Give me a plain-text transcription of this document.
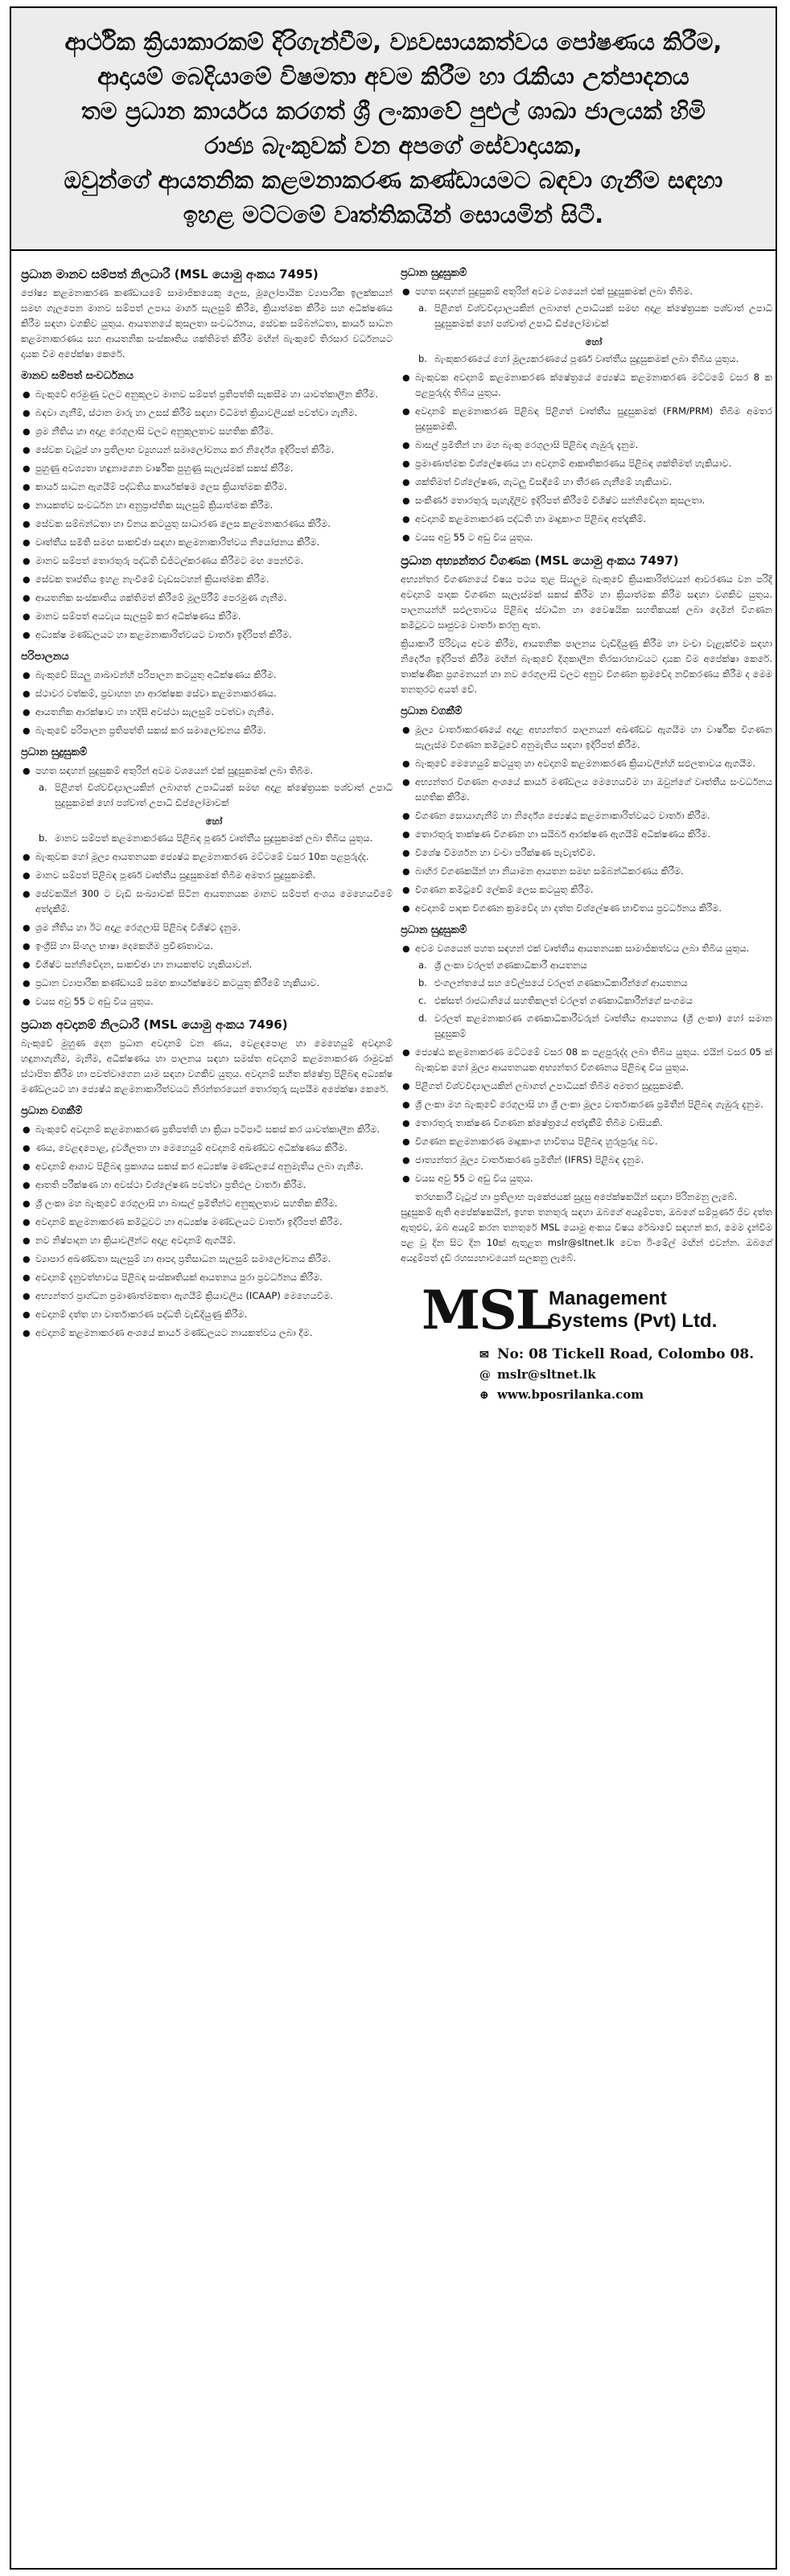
ආර්ථික ක්‍රියාකාරකම් දිරිගැන්වීම, ව්‍යවසායකත්වය පෝෂණය කිරීම,
ආදායම් බෙදියාමේ විෂමතා අවම කිරීම හා රැකියා උත්පාදනය
තම ප්‍රධාන කාර්යය කරගත් ශ්‍රී ලංකාවේ පුළුල් ශාඛා ජාලයක් හිමි
රාජ්‍ය බැංකුවක් වන අපගේ සේවාදායක,
ඔවුන්ගේ ආයතනික කළමනාකරණ කණ්ඩායමට බඳවා ගැනීම සඳහා
ඉහළ මට්ටමේ වෘත්තිකයින් සොයමින් සිටී.
ප්‍රධාන මානව සම්පත් නිලධාරී (MSL යොමු අංකය 7495)

ජෝෂ්‍ය කළමනාකරණ කණ්ඩායමේ සාමාජිකයෙකු ලෙස, මූලෝපායික ව්‍යාපාරික ඉලක්කයන් සමඟ ගැලපෙන මානව සම්පත් උපාය මාර්ග සැලසුම් කිරීම, ක්‍රියාත්මක කිරීම සහ අධීක්ෂණය කිරීම සඳහා වගකිව යුතුය. ආයතනයේ කුසලතා සංවර්ධනය, සේවක සම්බන්ධතා, කාර්ය සාධන කළමනාකරණය සහ ආයතනික සංස්කෘතිය ශක්තිමත් කිරීම මඟින් බැංකුවේ තිරසාර වර්ධනයට දායක වීම අපේක්ෂා කෙරේ.

මානව සම්පත් සංවර්ධනය
● බැංකුවේ අරමුණු වලට අනුකූලව මානව සම්පත් ප්‍රතිපත්ති සැකසීම හා යාවත්කාලීන කිරීම.
● බඳවා ගැනීම්, ස්ථාන මාරු හා උසස් කිරීම් සඳහා විධිමත් ක්‍රියාවලියක් පවත්වා ගැනීම.
● ශ්‍රම නීතිය හා අදාළ රෙගුලාසි වලට අනුකූලතාව සහතික කිරීම.
● සේවක වැටුප් හා ප්‍රතිලාභ ව්‍යුහයන් සමාලෝචනය කර නිර්දේශ ඉදිරිපත් කිරීම.
● පුහුණු අවශ්‍යතා හඳුනාගෙන වාර්ෂික පුහුණු සැලැස්මක් සකස් කිරීම.
● කාර්ය සාධන ඇගයීම් පද්ධතිය කාර්යක්ෂම ලෙස ක්‍රියාත්මක කිරීම.
● නායකත්ව සංවර්ධන හා අනුප්‍රාප්තික සැලසුම් ක්‍රියාත්මක කිරීම.
● සේවක සම්බන්ධතා හා විනය කටයුතු සාධාරණ ලෙස කළමනාකරණය කිරීම.
● වෘත්තීය සමිති සමඟ සාකච්ඡා සඳහා කළමනාකාරිත්වය නියෝජනය කිරීම.
● මානව සම්පත් තොරතුරු පද්ධති ඩිජිටල්කරණය කිරීමට මඟ පෙන්වීම.
● සේවක තෘප්තිය ඉහළ නැංවීමේ වැඩසටහන් ක්‍රියාත්මක කිරීම.
● ආයතනික සංස්කෘතිය ශක්තිමත් කිරීමේ මූලපිරීම් පෙරමුණ ගැනීම.
● මානව සම්පත් අයවැය සැලසුම් කර අධීක්ෂණය කිරීම.
● අධ්‍යක්ෂ මණ්ඩලයට හා කළමනාකාරිත්වයට වාර්තා ඉදිරිපත් කිරීම.
පරිපාලනය
● බැංකුවේ සියලු ශාඛාවන්හි පරිපාලන කටයුතු අධීක්ෂණය කිරීම.
● ස්ථාවර වත්කම්, ප්‍රවාහන හා ආරක්ෂක සේවා කළමනාකරණය.
● ආයතනික ආරක්ෂාව හා හදිසි අවස්ථා සැලසුම් පවත්වා ගැනීම.
● බැංකුවේ පරිපාලන ප්‍රතිපත්ති සකස් කර සමාලෝචනය කිරීම.
ප්‍රධාන සුදුසුකම්
● පහත සඳහන් සුදුසුකම් අතුරින් අවම වශයෙන් එක් සුදුසුකමක් ලබා තිබීම.
a. පිළිගත් විශ්වවිද්‍යාලයකින් ලබාගත් උපාධියක් සමඟ අදාළ ක්ෂේත්‍රයක පශ්චාත් උපාධි සුදුසුකමක් හෝ පශ්චාත් උපාධි ඩිප්ලෝමාවක්
හෝ
b. මානව සම්පත් කළමනාකරණය පිළිබඳ පූර්ණ වෘත්තීය සුදුසුකමක් ලබා තිබිය යුතුය.
● බැංකුවක හෝ මූල්‍ය ආයතනයක ජ්‍යෙෂ්ඨ කළමනාකරණ මට්ටමේ වසර 10ක පළපුරුද්ද.
● මානව සම්පත් පිළිබඳ පූර්ණ වෘත්තීය සුදුසුකමක් තිබීම අමතර සුදුසුකමකි.
● සේවකයින් 300 ට වැඩි සංඛ්‍යාවක් සිටින ආයතනයක මානව සම්පත් අංශය මෙහෙයවීමේ අත්දැකීම්.
● ශ්‍රම නීතිය හා ඊට අදාළ රෙගුලාසි පිළිබඳ විශිෂ්ට දැනුම.
● ඉංග්‍රීසි හා සිංහල භාෂා දෙකෙහිම ප්‍රවීණතාවය.
● විශිෂ්ට සන්නිවේදන, සාකච්ඡා හා නායකත්ව හැකියාවන්.
● ප්‍රධාන ව්‍යාපාරික කණ්ඩායම් සමඟ කාර්යක්ෂමව කටයුතු කිරීමේ හැකියාව.
● වයස අවු 55 ට අඩු විය යුතුය.
ප්‍රධාන අවදානම් නිලධාරී (MSL යොමු අංකය 7496)

බැංකුවේ මුහුණ දෙන ප්‍රධාන අවදානම් වන ණය, වෙළඳපොළ හා මෙහෙයුම් අවදානම් හඳුනාගැනීම, මැනීම, අධීක්ෂණය හා පාලනය සඳහා සමස්ත අවදානම් කළමනාකරණ රාමුවක් ස්ථාපිත කිරීම හා පවත්වාගෙන යාම සඳහා වගකිව යුතුය. අවදානම් සහිත ක්ෂේත්‍ර පිළිබඳ අධ්‍යක්ෂ මණ්ඩලයට හා ජ්‍යෙෂ්ඨ කළමනාකාරිත්වයට නිරන්තරයෙන් තොරතුරු සැපයීම අපේක්ෂා කෙරේ.

ප්‍රධාන වගකීම්
● බැංකුවේ අවදානම් කළමනාකරණ ප්‍රතිපත්ති හා ක්‍රියා පටිපාටි සකස් කර යාවත්කාලීන කිරීම.
● ණය, වෙළඳපොළ, ද්‍රවශීලතා හා මෙහෙයුම් අවදානම් අඛණ්ඩව අධීක්ෂණය කිරීම.
● අවදානම් ආශාව පිළිබඳ ප්‍රකාශය සකස් කර අධ්‍යක්ෂ මණ්ඩලයේ අනුමැතිය ලබා ගැනීම.
● ආතති පරීක්ෂණ හා අවස්ථා විශ්ලේෂණ පවත්වා ප්‍රතිඵල වාර්තා කිරීම.
● ශ්‍රී ලංකා මහ බැංකුවේ රෙගුලාසි හා බාසල් ප්‍රමිතීන්ට අනුකූලතාව සහතික කිරීම.
● අවදානම් කළමනාකරණ කමිටුවට හා අධ්‍යක්ෂ මණ්ඩලයට වාර්තා ඉදිරිපත් කිරීම.
● නව නිෂ්පාදන හා ක්‍රියාවලීන්ට අදාළ අවදානම් ඇගයීම්.
● ව්‍යාපාර අඛණ්ඩතා සැලසුම් හා ආපදා ප්‍රතිසාධන සැලසුම් සමාලෝචනය කිරීම.
● අවදානම් දැනුවත්භාවය පිළිබඳ සංස්කෘතියක් ආයතනය පුරා ප්‍රවර්ධනය කිරීම.
● අභ්‍යන්තර ප්‍රාග්ධන ප්‍රමාණාත්මකතා ඇගයීම් ක්‍රියාවලිය (ICAAP) මෙහෙයවීම.
● අවදානම් දත්ත හා වාර්තාකරණ පද්ධති වැඩිදියුණු කිරීම.
● අවදානම් කළමනාකරණ අංශයේ කාර්ය මණ්ඩලයට නායකත්වය ලබා දීම.
ප්‍රධාන සුදුසුකම්
● පහත සඳහන් සුදුසුකම් අතුරින් අවම වශයෙන් එක් සුදුසුකමක් ලබා තිබීම.
a. පිළිගත් විශ්වවිද්‍යාලයකින් ලබාගත් උපාධියක් සමඟ අදාළ ක්ෂේත්‍රයක පශ්චාත් උපාධි සුදුසුකමක් හෝ පශ්චාත් උපාධි ඩිප්ලෝමාවක්
හෝ
b. බැංකුකරණයේ හෝ මූල්‍යකරණයේ පූර්ණ වෘත්තීය සුදුසුකමක් ලබා තිබිය යුතුය.
● බැංකුවක අවදානම් කළමනාකරණ ක්ෂේත්‍රයේ ජ්‍යෙෂ්ඨ කළමනාකරණ මට්ටමේ වසර 8 ක පළපුරුද්ද තිබිය යුතුය.
● අවදානම් කළමනාකරණ පිළිබඳ පිළිගත් වෘත්තීය සුදුසුකමක් (FRM/PRM) තිබීම අමතර සුදුසුකමකි.
● බාසල් ප්‍රමිතීන් හා මහ බැංකු රෙගුලාසි පිළිබඳ ගැඹුරු දැනුම.
● ප්‍රමාණාත්මක විශ්ලේෂණය හා අවදානම් ආකෘතිකරණය පිළිබඳ ශක්තිමත් හැකියාව.
● ශක්තිමත් විශ්ලේෂණ, ගැටලු විසඳීමේ හා තීරණ ගැනීමේ හැකියාව.
● සංකීර්ණ තොරතුරු පැහැදිලිව ඉදිරිපත් කිරීමේ විශිෂ්ට සන්නිවේදන කුසලතා.
● අවදානම් කළමනාකරණ පද්ධති හා මෘදුකාංග පිළිබඳ අත්දැකීම්.
● වයස අවු 55 ට අඩු විය යුතුය.
ප්‍රධාන අභ්‍යන්තර විගණක (MSL යොමු අංකය 7497)

අභ්‍යන්තර විගණනයේ විෂය පථය තුළ සියලුම බැංකුවේ ක්‍රියාකාරිත්වයන් ආවරණය වන පරිදි අවදානම් පාදක විගණන සැලැස්මක් සකස් කිරීම හා ක්‍රියාත්මක කිරීම සඳහා වගකිව යුතුය. පාලනයන්හි සඵලතාවය පිළිබඳ ස්වාධීන හා වෛෂයික සහතිකයක් ලබා දෙමින් විගණන කමිටුවට සෘජුවම වාර්තා කරනු ඇත.

ක්‍රියාකාරී පිරිවැය අවම කිරීම, ආයතනික පාලනය වැඩිදියුණු කිරීම හා වංචා වැළැක්වීම සඳහා නිර්දේශ ඉදිරිපත් කිරීම මඟින් බැංකුවේ දිගුකාලීන තිරසාරභාවයට දායක වීම අපේක්ෂා කෙරේ. තාක්ෂණික ප්‍රගමනයන් හා නව රෙගුලාසි වලට අනුව විගණන ක්‍රමවේද නවීකරණය කිරීම ද මෙම තනතුරට අයත් වේ.

ප්‍රධාන වගකීම්
● මූල්‍ය වාර්තාකරණයේ අදාළ අභ්‍යන්තර පාලනයන් අඛණ්ඩව ඇගයීම හා වාර්ෂික විගණන සැලැස්ම විගණන කමිටුවේ අනුමැතිය සඳහා ඉදිරිපත් කිරීම.
● බැංකුවේ මෙහෙයුම් කටයුතු හා අවදානම් කළමනාකරණ ක්‍රියාවලීන්හි සඵලතාවය ඇගයීම.
● අභ්‍යන්තර විගණන අංශයේ කාර්ය මණ්ඩලය මෙහෙයවීම හා ඔවුන්ගේ වෘත්තීය සංවර්ධනය සහතික කිරීම.
● විගණන සොයාගැනීම් හා නිර්දේශ ජ්‍යෙෂ්ඨ කළමනාකාරිත්වයට වාර්තා කිරීම.
● තොරතුරු තාක්ෂණ විගණන හා සයිබර් ආරක්ෂණ ඇගයීම් අධීක්ෂණය කිරීම.
● විශේෂ විමර්ශන හා වංචා පරීක්ෂණ පැවැත්වීම.
● බාහිර විගණකයින් හා නියාමන ආයතන සමඟ සම්බන්ධීකරණය කිරීම.
● විගණන කමිටුවේ ලේකම් ලෙස කටයුතු කිරීම.
● අවදානම් පාදක විගණන ක්‍රමවේද හා දත්ත විශ්ලේෂණ භාවිතය ප්‍රවර්ධනය කිරීම.
ප්‍රධාන සුදුසුකම්
● අවම වශයෙන් පහත සඳහන් එක් වෘත්තීය ආයතනයක සාමාජිකත්වය ලබා තිබිය යුතුය.
a. ශ්‍රී ලංකා වරලත් ගණකාධිකාරී ආයතනය
b. එංගලන්තයේ සහ වේල්සයේ වරලත් ගණකාධිකාරීන්ගේ ආයතනය
c. එක්සත් රාජධානියේ සහතිකලත් වරලත් ගණකාධිකාරීන්ගේ සංගමය
d. වරලත් කළමනාකරණ ගණකාධිකාරීවරුන් වෘත්තීය ආයතනය (ශ්‍රී ලංකා) හෝ සමාන සුදුසුකම්
● ජ්‍යෙෂ්ඨ කළමනාකරණ මට්ටමේ වසර 08 ක පළපුරුද්ද ලබා තිබිය යුතුය. එයින් වසර 05 ක් බැංකුවක හෝ මූල්‍ය ආයතනයක අභ්‍යන්තර විගණනය පිළිබඳ විය යුතුය.
● පිළිගත් විශ්වවිද්‍යාලයකින් ලබාගත් උපාධියක් තිබීම අමතර සුදුසුකමකි.
● ශ්‍රී ලංකා මහ බැංකුවේ රෙගුලාසි හා ශ්‍රී ලංකා මූල්‍ය වාර්තාකරණ ප්‍රමිතීන් පිළිබඳ ගැඹුරු දැනුම.
● තොරතුරු තාක්ෂණ විගණන ක්ෂේත්‍රයේ අත්දැකීම් තිබීම වාසියකි.
● විගණන කළමනාකරණ මෘදුකාංග භාවිතය පිළිබඳ හුරුපුරුදු බව.
● ජාත්‍යන්තර මූල්‍ය වාර්තාකරණ ප්‍රමිතීන් (IFRS) පිළිබඳ දැනුම.
● වයස අවු 55 ට අඩු විය යුතුය.

තරඟකාරී වැටුප් හා ප්‍රතිලාභ පැකේජයක් සුදුසු අපේක්ෂකයින් සඳහා පිරිනමනු ලැබේ.

සුදුසුකම් ඇති අපේක්ෂකයින්, ඉහත තනතුරු සඳහා ඔබගේ අයදුම්පත, ඔබගේ සම්පූර්ණ ජීව දත්ත ඇතුළුව, ඔබ අයදුම් කරන තනතුරේ MSL යොමු අංකය විෂය රේඛාවේ සඳහන් කර, මෙම දැන්වීම පළ වූ දින සිට දින 10ක් ඇතුළත mslr@sltnet.lk වෙත ඊ-මේල් මඟින් එවන්න. ඔබගේ අයදුම්පත් දැඩි රහස්‍යභාවයෙන් සලකනු ලැබේ.

MSL
Management
Systems (Pvt) Ltd.
✉ No: 08 Tickell Road, Colombo 08.
@ mslr@sltnet.lk
⊕ www.bposrilanka.com
